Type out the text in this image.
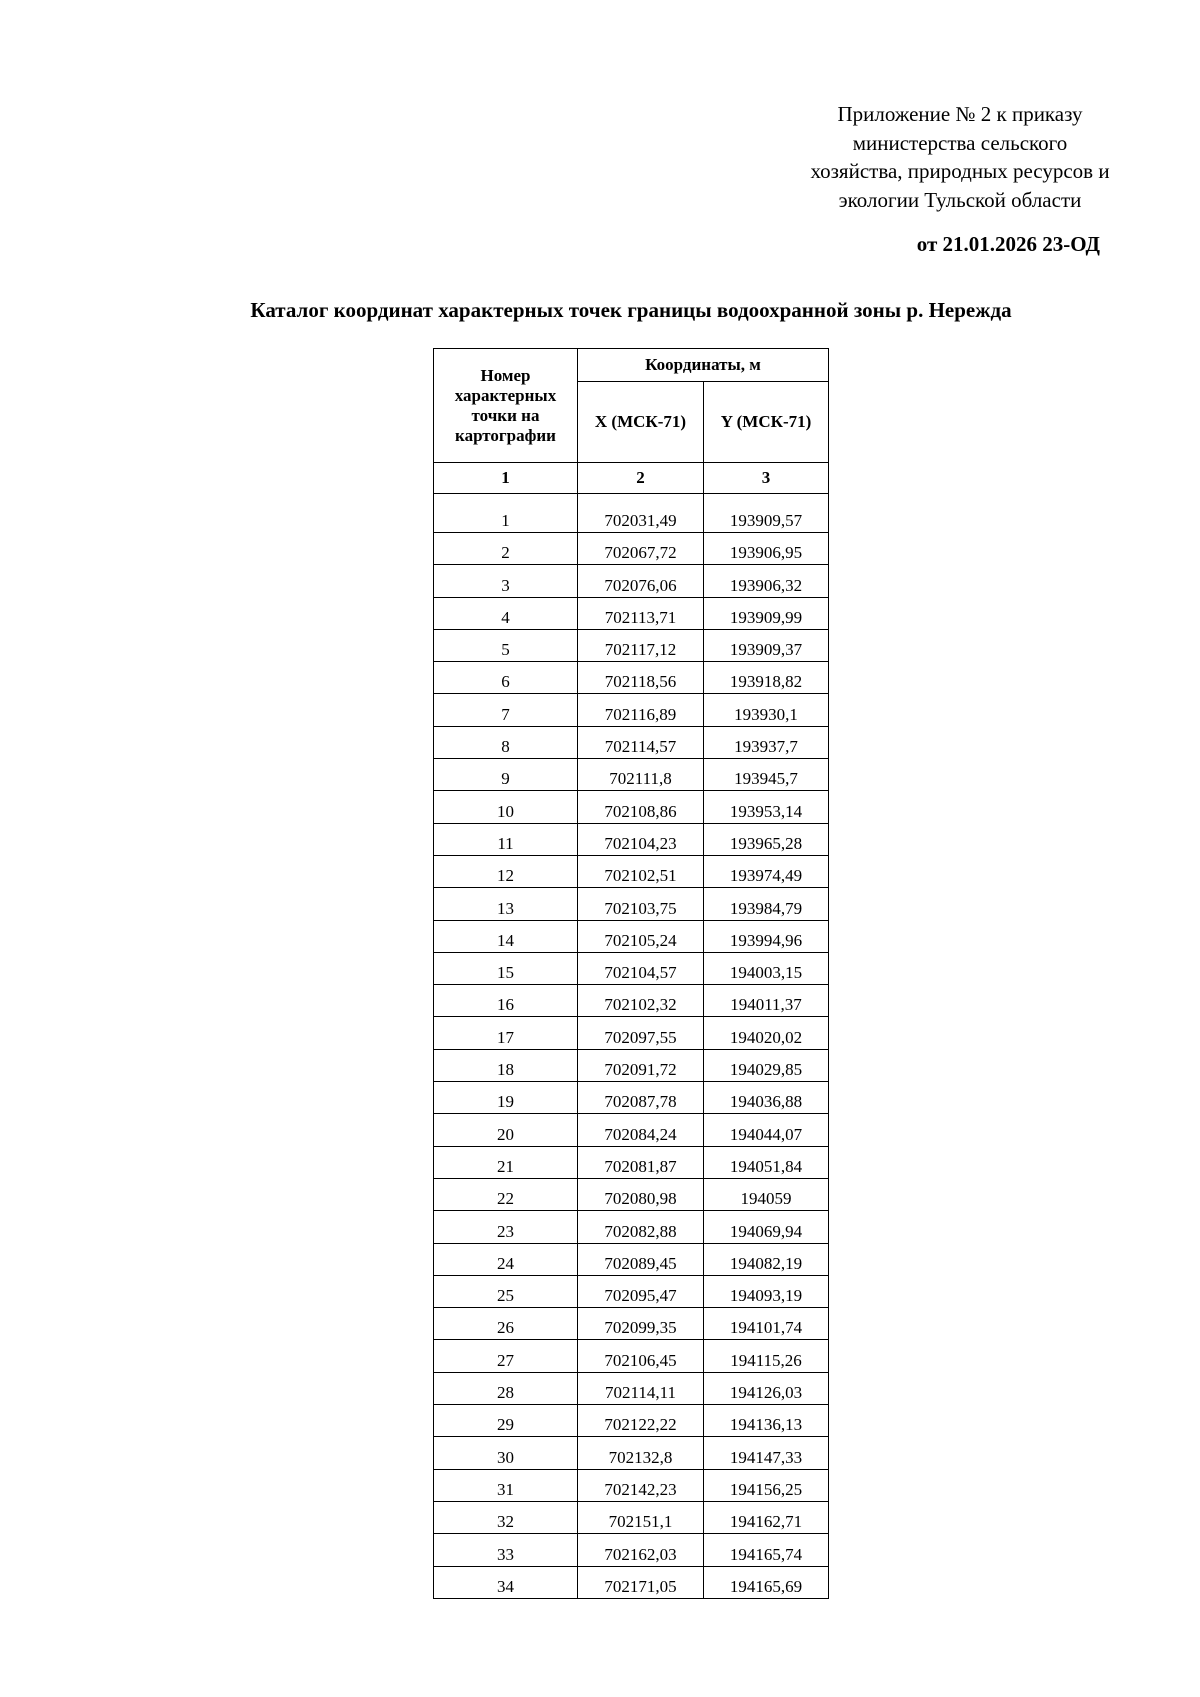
Приложение № 2 к приказу
министерства сельского
хозяйства, природных ресурсов и
экологии Тульской области
от 21.01.2026 23-ОД
Каталог координат характерных точек границы водоохранной зоны р. Нережда
Номер характерных точки на картографии	Координаты, м	
	X (МСК-71)	Y (МСК-71)
1	2	3
1	702031,49	193909,57
2	702067,72	193906,95
3	702076,06	193906,32
4	702113,71	193909,99
5	702117,12	193909,37
6	702118,56	193918,82
7	702116,89	193930,1
8	702114,57	193937,7
9	702111,8	193945,7
10	702108,86	193953,14
11	702104,23	193965,28
12	702102,51	193974,49
13	702103,75	193984,79
14	702105,24	193994,96
15	702104,57	194003,15
16	702102,32	194011,37
17	702097,55	194020,02
18	702091,72	194029,85
19	702087,78	194036,88
20	702084,24	194044,07
21	702081,87	194051,84
22	702080,98	194059
23	702082,88	194069,94
24	702089,45	194082,19
25	702095,47	194093,19
26	702099,35	194101,74
27	702106,45	194115,26
28	702114,11	194126,03
29	702122,22	194136,13
30	702132,8	194147,33
31	702142,23	194156,25
32	702151,1	194162,71
33	702162,03	194165,74
34	702171,05	194165,69
